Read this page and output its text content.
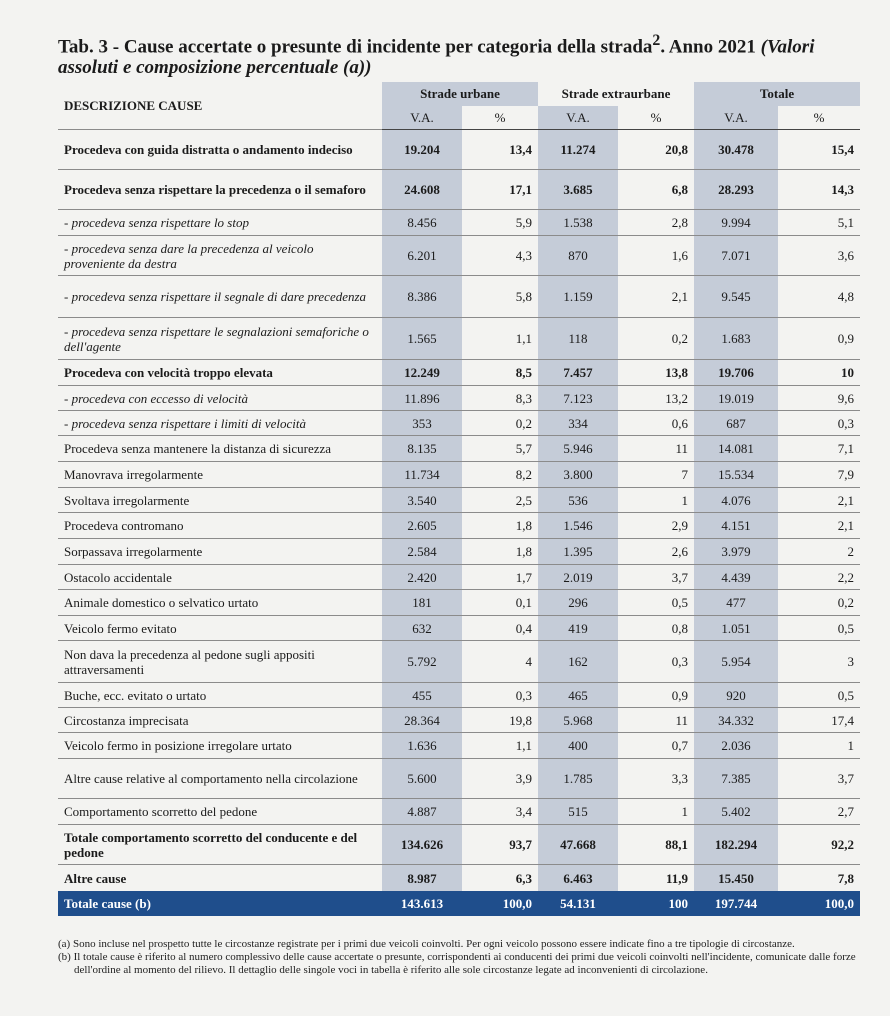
Tab. 3 - Cause accertate o presunte di incidente per categoria della strada$^2$. Anno 2021 (Valori assoluti e composizione percentuale (a))
DESCRIZIONE CAUSE	Strade urbane		Strade extraurbane		Totale	
	V.A.	%	V.A.	%	V.A.	%
Procedeva con guida distratta o andamento indeciso	19.204	13,4	11.274	20,8	30.478	15,4
Procedeva senza rispettare la precedenza o il semaforo	24.608	17,1	3.685	6,8	28.293	14,3
- procedeva senza rispettare lo stop	8.456	5,9	1.538	2,8	9.994	5,1
- procedeva senza dare la precedenza al veicolo proveniente da destra	6.201	4,3	870	1,6	7.071	3,6
- procedeva senza rispettare il segnale di dare precedenza	8.386	5,8	1.159	2,1	9.545	4,8
- procedeva senza rispettare le segnalazioni semaforiche o dell'agente	1.565	1,1	118	0,2	1.683	0,9
Procedeva con velocità troppo elevata	12.249	8,5	7.457	13,8	19.706	10
- procedeva con eccesso di velocità	11.896	8,3	7.123	13,2	19.019	9,6
- procedeva senza rispettare i limiti di velocità	353	0,2	334	0,6	687	0,3
Procedeva senza mantenere la distanza di sicurezza	8.135	5,7	5.946	11	14.081	7,1
Manovrava irregolarmente	11.734	8,2	3.800	7	15.534	7,9
Svoltava irregolarmente	3.540	2,5	536	1	4.076	2,1
Procedeva contromano	2.605	1,8	1.546	2,9	4.151	2,1
Sorpassava irregolarmente	2.584	1,8	1.395	2,6	3.979	2
Ostacolo accidentale	2.420	1,7	2.019	3,7	4.439	2,2
Animale domestico o selvatico urtato	181	0,1	296	0,5	477	0,2
Veicolo fermo evitato	632	0,4	419	0,8	1.051	0,5
Non dava la precedenza al pedone sugli appositi attraversamenti	5.792	4	162	0,3	5.954	3
Buche, ecc. evitato o urtato	455	0,3	465	0,9	920	0,5
Circostanza imprecisata	28.364	19,8	5.968	11	34.332	17,4
Veicolo fermo in posizione irregolare urtato	1.636	1,1	400	0,7	2.036	1
Altre cause relative al comportamento nella circolazione	5.600	3,9	1.785	3,3	7.385	3,7
Comportamento scorretto del pedone	4.887	3,4	515	1	5.402	2,7
Totale comportamento scorretto del conducente e del pedone	134.626	93,7	47.668	88,1	182.294	92,2
Altre cause	8.987	6,3	6.463	11,9	15.450	7,8
Totale cause (b)	143.613	100,0	54.131	100	197.744	100,0

(a) Sono incluse nel prospetto tutte le circostanze registrate per i primi due veicoli coinvolti. Per ogni veicolo possono essere indicate fino a tre tipologie di circostanze.

(b) Il totale cause è riferito al numero complessivo delle cause accertate o presunte, corrispondenti ai conducenti dei primi due veicoli coinvolti nell'incidente, comunicate dalle forze dell'ordine al momento del rilievo. Il dettaglio delle singole voci in tabella è riferito alle sole circostanze legate ad inconvenienti di circolazione.
